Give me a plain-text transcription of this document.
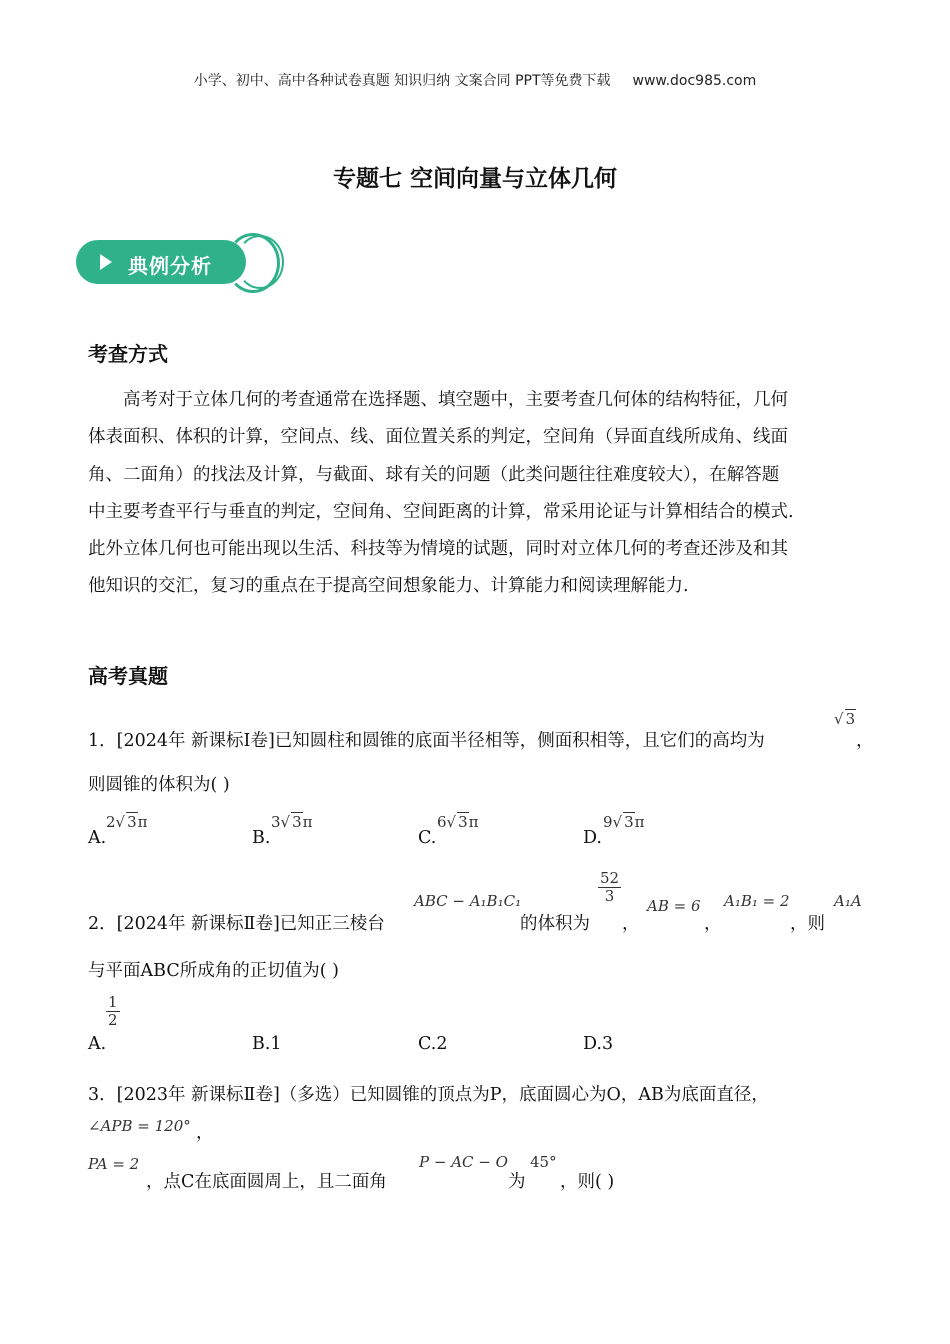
小学、初中、高中各种试卷真题 知识归纳 文案合同 PPT等免费下载 www.doc985.com
专题七 空间向量与立体几何
典例分析
考查方式
高考对于立体几何的考查通常在选择题、填空题中，主要考查几何体的结构特征，几何
体表面积、体积的计算，空间点、线、面位置关系的判定，空间角（异面直线所成角、线面
角、二面角）的找法及计算，与截面、球有关的问题（此类问题往往难度较大），在解答题
中主要考查平行与垂直的判定，空间角、空间距离的计算，常采用论证与计算相结合的模式.
此外立体几何也可能出现以生活、科技等为情境的试题，同时对立体几何的考查还涉及和其
他知识的交汇，复习的重点在于提高空间想象能力、计算能力和阅读理解能力.
高考真题
1．[2024年 新课标Ⅰ卷]已知圆柱和圆锥的底面半径相等，侧面积相等，且它们的高均为
√ 3
，
则圆锥的体积为( )
A.
2√ 3π
B.
3√ 3π
C.
6√ 3π
D.
9√ 3π
2．[2024年 新课标Ⅱ卷]已知正三棱台
ABC − A₁B₁C₁
的体积为
$\frac{52}{3}$
，
AB = 6
，
A₁B₁ = 2
，则
A₁A
与平面ABC所成角的正切值为( )
A.
$\frac{1}{2}$
B.1	C.2	D.3
3．[2023年 新课标Ⅱ卷]（多选）已知圆锥的顶点为P，底面圆心为O，AB为底面直径，
∠APB = 120° ，
PA = 2
，点C在底面圆周上，且二面角
P − AC − O
为
45°
，则( )
